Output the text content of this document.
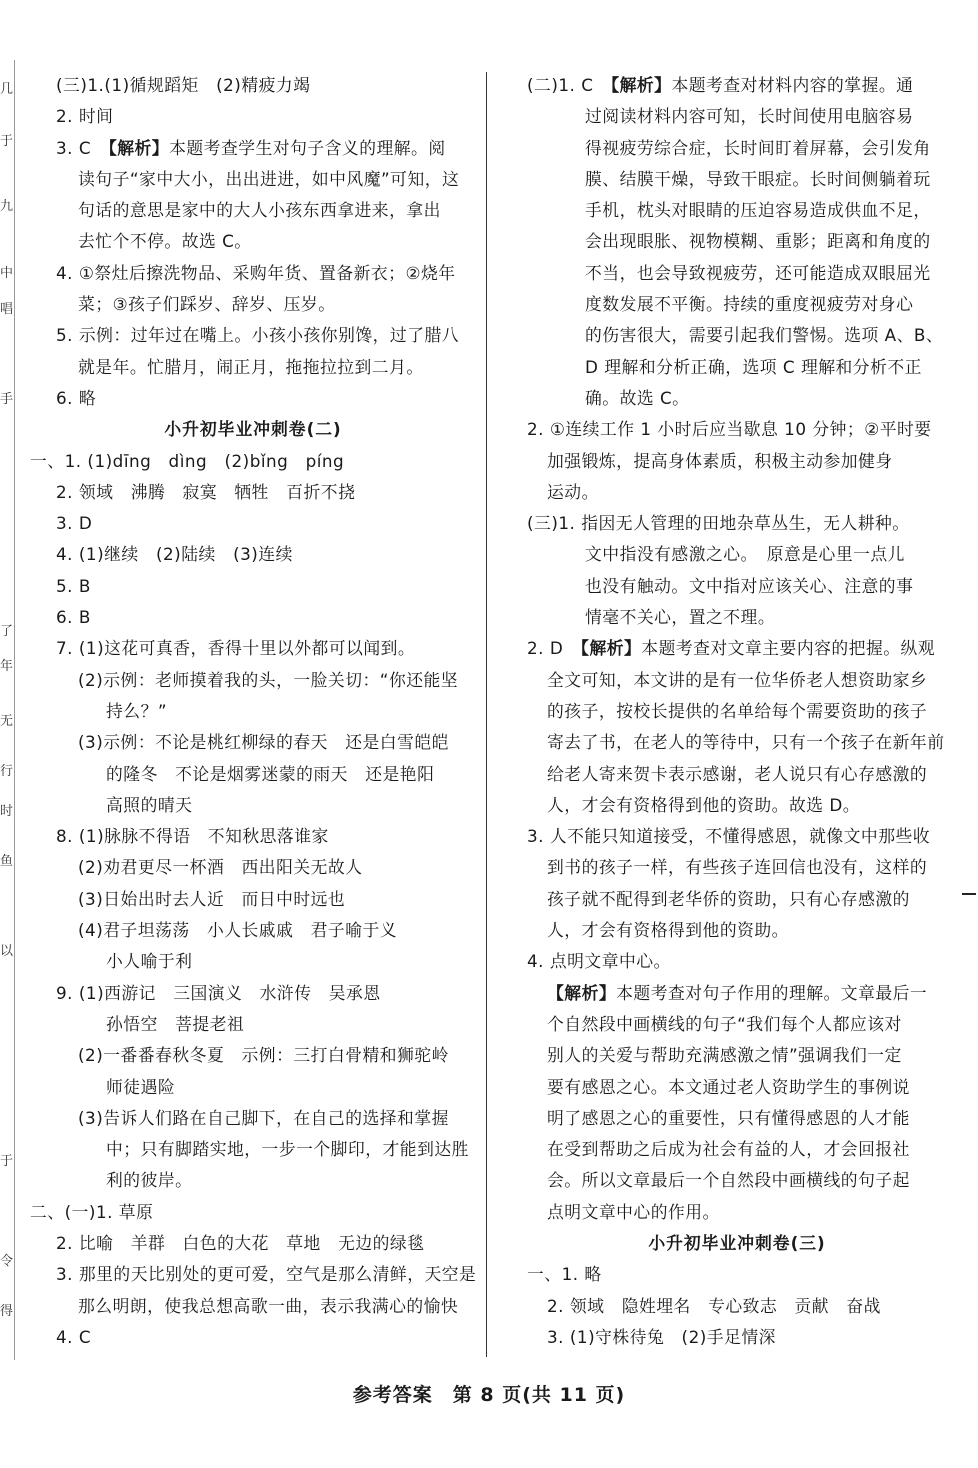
几
于
九
中
唱
手
了
年
无
行
时
鱼
以
于
令
得
(三)1.(1)循规蹈矩　(2)精疲力竭
2. 时间
3. C　【解析】本题考查学生对句子含义的理解。阅
读句子“家中大小，出出进进，如中风魔”可知，这
句话的意思是家中的大人小孩东西拿进来，拿出
去忙个不停。故选 C。
4. ①祭灶后擦洗物品、采购年货、置备新衣；②烧年
菜；③孩子们踩岁、辞岁、压岁。
5. 示例：过年过在嘴上。小孩小孩你别馋，过了腊八
就是年。忙腊月，闹正月，拖拖拉拉到二月。
6. 略
小升初毕业冲刺卷(二)
一、1. (1)dīng　dìng　(2)bǐng　píng
2. 领域　沸腾　寂寞　牺牲　百折不挠
3. D
4. (1)继续　(2)陆续　(3)连续
5. B
6. B
7. (1)这花可真香，香得十里以外都可以闻到。
(2)示例：老师摸着我的头，一脸关切：“你还能坚
持么？”
(3)示例：不论是桃红柳绿的春天　还是白雪皑皑
的隆冬　不论是烟雾迷蒙的雨天　还是艳阳
高照的晴天
8. (1)脉脉不得语　不知秋思落谁家
(2)劝君更尽一杯酒　西出阳关无故人
(3)日始出时去人近　而日中时远也
(4)君子坦荡荡　小人长戚戚　君子喻于义
小人喻于利
9. (1)西游记　三国演义　水浒传　吴承恩
孙悟空　菩提老祖
(2)一番番春秋冬夏　示例：三打白骨精和狮驼岭
师徒遇险
(3)告诉人们路在自己脚下，在自己的选择和掌握
中；只有脚踏实地，一步一个脚印，才能到达胜
利的彼岸。
二、(一)1. 草原
2. 比喻　羊群　白色的大花　草地　无边的绿毯
3. 那里的天比别处的更可爱，空气是那么清鲜，天空是
那么明朗，使我总想高歌一曲，表示我满心的愉快
4. C
(二)1. C　【解析】本题考查对材料内容的掌握。通
过阅读材料内容可知，长时间使用电脑容易
得视疲劳综合症，长时间盯着屏幕，会引发角
膜、结膜干燥，导致干眼症。长时间侧躺着玩
手机，枕头对眼睛的压迫容易造成供血不足，
会出现眼胀、视物模糊、重影；距离和角度的
不当，也会导致视疲劳，还可能造成双眼屈光
度数发展不平衡。持续的重度视疲劳对身心
的伤害很大，需要引起我们警惕。选项 A、B、
D 理解和分析正确，选项 C 理解和分析不正
确。故选 C。
2. ①连续工作 1 小时后应当歇息 10 分钟；②平时要
加强锻炼，提高身体素质，积极主动参加健身
运动。
(三)1. 指因无人管理的田地杂草丛生，无人耕种。
文中指没有感激之心。　原意是心里一点儿
也没有触动。文中指对应该关心、注意的事
情毫不关心，置之不理。
2. D　【解析】本题考查对文章主要内容的把握。纵观
全文可知，本文讲的是有一位华侨老人想资助家乡
的孩子，按校长提供的名单给每个需要资助的孩子
寄去了书，在老人的等待中，只有一个孩子在新年前
给老人寄来贺卡表示感谢，老人说只有心存感激的
人，才会有资格得到他的资助。故选 D。
3. 人不能只知道接受，不懂得感恩，就像文中那些收
到书的孩子一样，有些孩子连回信也没有，这样的
孩子就不配得到老华侨的资助，只有心存感激的
人，才会有资格得到他的资助。
4. 点明文章中心。
【解析】本题考查对句子作用的理解。文章最后一
个自然段中画横线的句子“我们每个人都应该对
别人的关爱与帮助充满感激之情”强调我们一定
要有感恩之心。本文通过老人资助学生的事例说
明了感恩之心的重要性，只有懂得感恩的人才能
在受到帮助之后成为社会有益的人，才会回报社
会。所以文章最后一个自然段中画横线的句子起
点明文章中心的作用。
小升初毕业冲刺卷(三)
一、1. 略
2. 领域　隐姓埋名　专心致志　贡献　奋战
3. (1)守株待兔　(2)手足情深
参考答案　第 8 页(共 11 页)
